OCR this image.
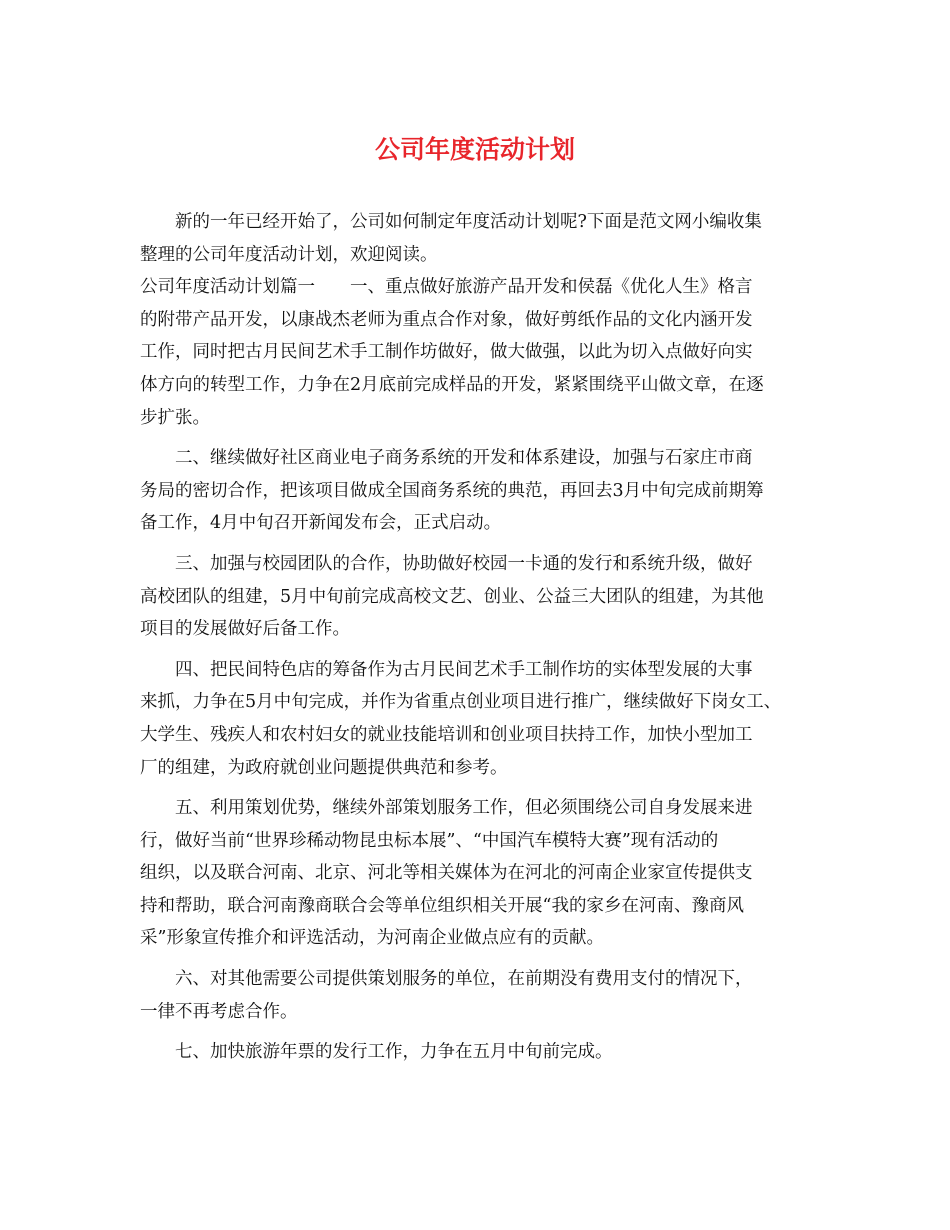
公司年度活动计划

新的一年已经开始了，公司如何制定年度活动计划呢?下面是范文网小编收集

整理的公司年度活动计划，欢迎阅读。

公司年度活动计划篇一　　一、重点做好旅游产品开发和侯磊《优化人生》格言

的附带产品开发，以康战杰老师为重点合作对象，做好剪纸作品的文化内涵开发

工作，同时把古月民间艺术手工制作坊做好，做大做强，以此为切入点做好向实

体方向的转型工作，力争在2月底前完成样品的开发，紧紧围绕平山做文章，在逐

步扩张。

二、继续做好社区商业电子商务系统的开发和体系建设，加强与石家庄市商

务局的密切合作，把该项目做成全国商务系统的典范，再回去3月中旬完成前期筹

备工作，4月中旬召开新闻发布会，正式启动。

三、加强与校园团队的合作，协助做好校园一卡通的发行和系统升级，做好

高校团队的组建，5月中旬前完成高校文艺、创业、公益三大团队的组建，为其他

项目的发展做好后备工作。

四、把民间特色店的筹备作为古月民间艺术手工制作坊的实体型发展的大事

来抓，力争在5月中旬完成，并作为省重点创业项目进行推广，继续做好下岗女工、

大学生、残疾人和农村妇女的就业技能培训和创业项目扶持工作，加快小型加工

厂的组建，为政府就创业问题提供典范和参考。

五、利用策划优势，继续外部策划服务工作，但必须围绕公司自身发展来进

行，做好当前“世界珍稀动物昆虫标本展”、“中国汽车模特大赛”现有活动的

组织，以及联合河南、北京、河北等相关媒体为在河北的河南企业家宣传提供支

持和帮助，联合河南豫商联合会等单位组织相关开展“我的家乡在河南、豫商风

采”形象宣传推介和评选活动，为河南企业做点应有的贡献。

六、对其他需要公司提供策划服务的单位，在前期没有费用支付的情况下，

一律不再考虑合作。

七、加快旅游年票的发行工作，力争在五月中旬前完成。
